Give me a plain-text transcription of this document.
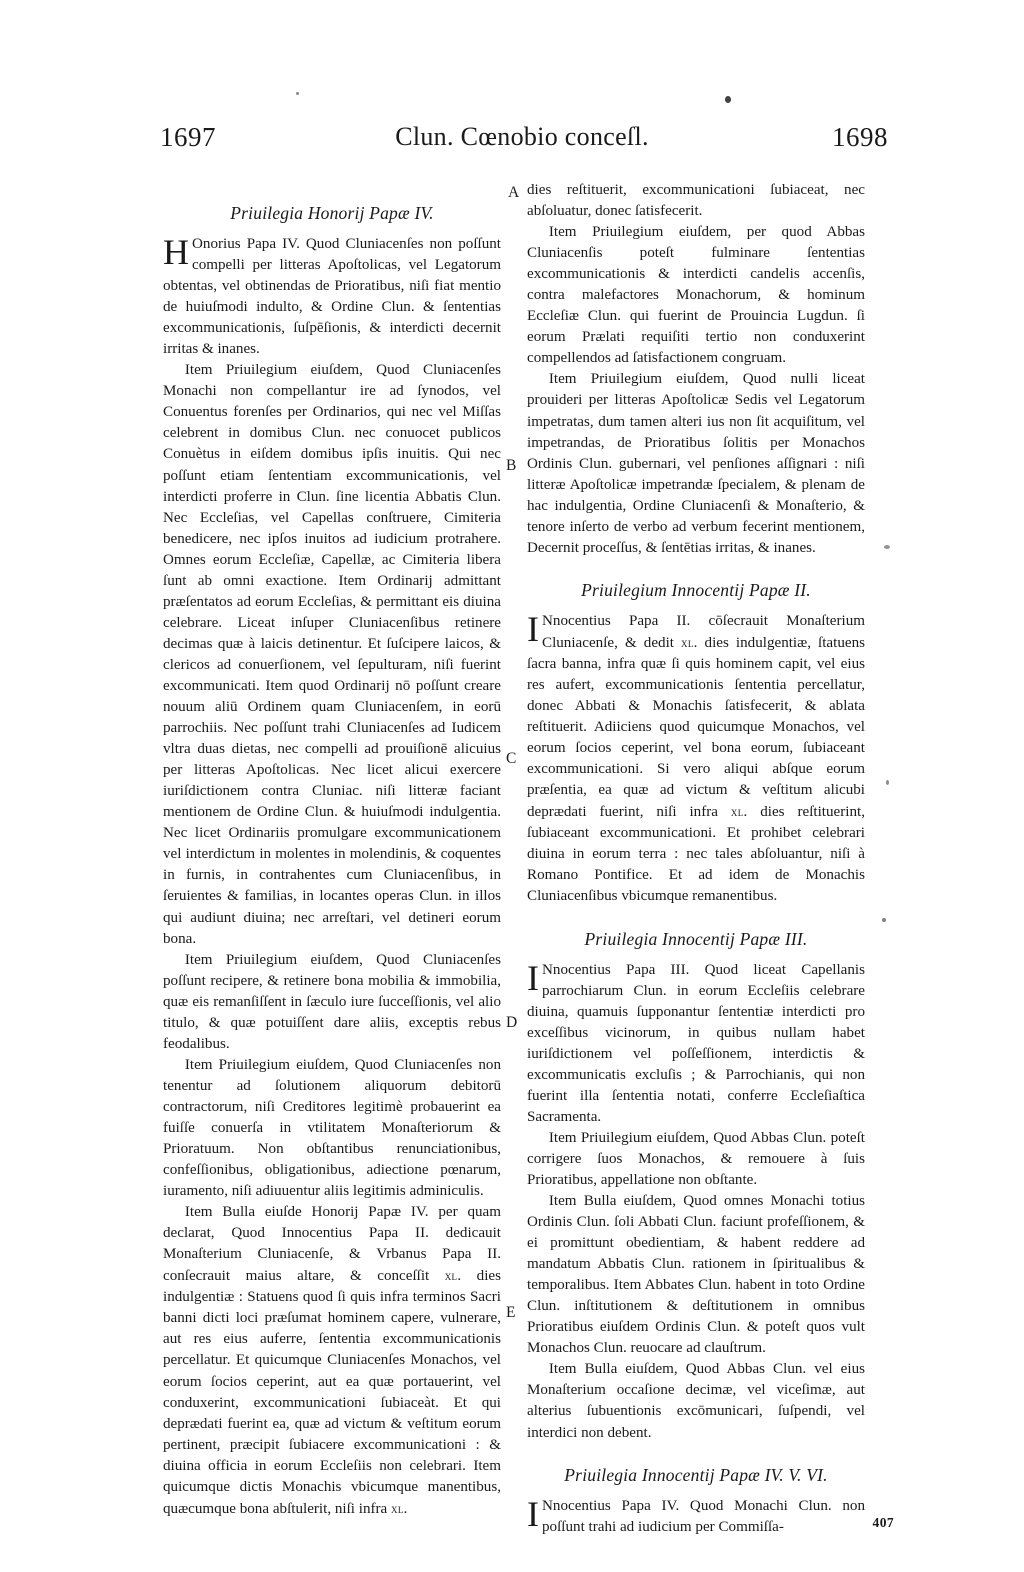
1697	Clun. Cœnobio conceſl.	1698
A
B
C
D
E
Priuilegia Honorij Papæ IV.

H Onorius Papa IV. Quod Cluniacenſes non poſſunt compelli per litteras Apoſtolicas, vel Legatorum obtentas, vel obtinendas de Prioratibus, niſi fiat mentio de huiuſmodi indulto, & Ordine Clun. & ſententias excommunicationis, ſuſpēſionis, & interdicti decernit irritas & inanes.

Item Priuilegium eiuſdem, Quod Cluniacenſes Monachi non compellantur ire ad ſynodos, vel Conuentus forenſes per Ordinarios, qui nec vel Miſſas celebrent in domibus Clun. nec conuocet publicos Conuètus in eiſdem domibus ipſis inuitis. Qui nec poſſunt etiam ſententiam excommunicationis, vel interdicti proferre in Clun. ſine licentia Abbatis Clun. Nec Eccleſias, vel Capellas conſtruere, Cimiteria benedicere, nec ipſos inuitos ad iudicium protrahere. Omnes eorum Eccleſiæ, Capellæ, ac Cimiteria libera ſunt ab omni exactione. Item Ordinarij admittant præſentatos ad eorum Eccleſias, & permittant eis diuina celebrare. Liceat inſuper Cluniacenſibus retinere decimas quæ à laicis detinentur. Et ſuſcipere laicos, & clericos ad conuerſionem, vel ſepulturam, niſi fuerint excommunicati. Item quod Ordinarij nō poſſunt creare nouum aliū Ordinem quam Cluniacenſem, in eorū parrochiis. Nec poſſunt trahi Cluniacenſes ad Iudicem vltra duas dietas, nec compelli ad prouiſionē alicuius per litteras Apoſtolicas. Nec licet alicui exercere iuriſdictionem contra Cluniac. niſi litteræ faciant mentionem de Ordine Clun. & huiuſmodi indulgentia. Nec licet Ordinariis promulgare excommunicationem vel interdictum in molentes in molendinis, & coquentes in furnis, in contrahentes cum Cluniacenſibus, in ſeruientes & familias, in locantes operas Clun. in illos qui audiunt diuina; nec arreſtari, vel detineri eorum bona.

Item Priuilegium eiuſdem, Quod Cluniacenſes poſſunt recipere, & retinere bona mobilia & immobilia, quæ eis remanſiſſent in ſæculo iure ſucceſſionis, vel alio titulo, & quæ potuiſſent dare aliis, exceptis rebus feodalibus.

Item Priuilegium eiuſdem, Quod Cluniacenſes non tenentur ad ſolutionem aliquorum debitorū contractorum, niſi Creditores legitimè probauerint ea fuiſſe conuerſa in vtilitatem Monaſteriorum & Prioratuum. Non obſtantibus renunciationibus, confeſſionibus, obligationibus, adiectione pœnarum, iuramento, niſi adiuuentur aliis legitimis adminiculis.

Item Bulla eiuſde Honorij Papæ IV. per quam declarat, Quod Innocentius Papa II. dedicauit Monaſterium Cluniacenſe, & Vrbanus Papa II. conſecrauit maius altare, & conceſſit xl. dies indulgentiæ : Statuens quod ſi quis infra terminos Sacri banni dicti loci præſumat hominem capere, vulnerare, aut res eius auferre, ſententia excommunicationis percellatur. Et quicumque Cluniacenſes Monachos, vel eorum ſocios ceperint, aut ea quæ portauerint, vel conduxerint, excommunicationi ſubiaceàt. Et qui deprædati fuerint ea, quæ ad victum & veſtitum eorum pertinent, præcipit ſubiacere excommunicationi : & diuina officia in eorum Eccleſiis non celebrari. Item quicumque dictis Monachis vbicumque manentibus, quæcumque bona abſtulerit, niſi infra xl.

dies reſtituerit, excommunicationi ſubiaceat, nec abſoluatur, donec ſatisfecerit.

Item Priuilegium eiuſdem, per quod Abbas Cluniacenſis poteſt fulminare ſententias excommunicationis & interdicti candelis accenſis, contra malefactores Monachorum, & hominum Eccleſiæ Clun. qui fuerint de Prouincia Lugdun. ſi eorum Prælati requiſiti tertio non conduxerint compellendos ad ſatisfactionem congruam.

Item Priuilegium eiuſdem, Quod nulli liceat prouideri per litteras Apoſtolicæ Sedis vel Legatorum impetratas, dum tamen alteri ius non ſit acquiſitum, vel impetrandas, de Prioratibus ſolitis per Monachos Ordinis Clun. gubernari, vel penſiones aſſignari : niſi litteræ Apoſtolicæ impetrandæ ſpecialem, & plenam de hac indulgentia, Ordine Cluniacenſi & Monaſterio, & tenore inſerto de verbo ad verbum fecerint mentionem, Decernit proceſſus, & ſentētias irritas, & inanes.

Priuilegium Innocentij Papæ II.

I Nnocentius Papa II. cōſecrauit Monaſterium Cluniacenſe, & dedit xl. dies indulgentiæ, ſtatuens ſacra banna, infra quæ ſi quis hominem capit, vel eius res aufert, excommunicationis ſententia percellatur, donec Abbati & Monachis ſatisfecerit, & ablata reſtituerit. Adiiciens quod quicumque Monachos, vel eorum ſocios ceperint, vel bona eorum, ſubiaceant excommunicationi. Si vero aliqui abſque eorum præſentia, ea quæ ad victum & veſtitum alicubi deprædati fuerint, niſi infra xl. dies reſtituerint, ſubiaceant excommunicationi. Et prohibet celebrari diuina in eorum terra : nec tales abſoluantur, niſi à Romano Pontifice. Et ad idem de Monachis Cluniacenſibus vbicumque remanentibus.

Priuilegia Innocentij Papæ III.

I Nnocentius Papa III. Quod liceat Capellanis parrochiarum Clun. in eorum Eccleſiis celebrare diuina, quamuis ſupponantur ſententiæ interdicti pro exceſſibus vicinorum, in quibus nullam habet iuriſdictionem vel poſſeſſionem, interdictis & excommunicatis excluſis ; & Parrochianis, qui non fuerint illa ſententia notati, conferre Eccleſiaſtica Sacramenta.

Item Priuilegium eiuſdem, Quod Abbas Clun. poteſt corrigere ſuos Monachos, & remouere à ſuis Prioratibus, appellatione non obſtante.

Item Bulla eiuſdem, Quod omnes Monachi totius Ordinis Clun. ſoli Abbati Clun. faciunt profeſſionem, & ei promittunt obedientiam, & habent reddere ad mandatum Abbatis Clun. rationem in ſpiritualibus & temporalibus. Item Abbates Clun. habent in toto Ordine Clun. inſtitutionem & deſtitutionem in omnibus Prioratibus eiuſdem Ordinis Clun. & poteſt quos vult Monachos Clun. reuocare ad clauſtrum.

Item Bulla eiuſdem, Quod Abbas Clun. vel eius Monaſterium occaſione decimæ, vel viceſimæ, aut alterius ſubuentionis excōmunicari, ſuſpendi, vel interdici non debent.

Priuilegia Innocentij Papæ IV. V. VI.

I Nnocentius Papa IV. Quod Monachi Clun. non poſſunt trahi ad iudicium per Commiſſa-	407
